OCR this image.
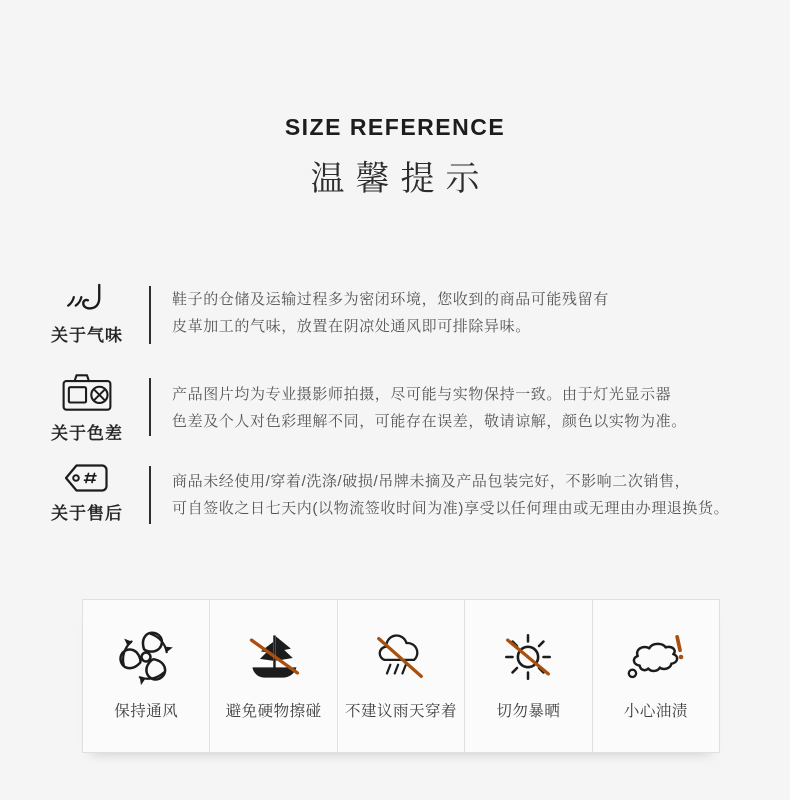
SIZE REFERENCE
温馨提示
关于气味
鞋子的仓储及运输过程多为密闭环境，您收到的商品可能残留有
皮革加工的气味，放置在阴凉处通风即可排除异味。
关于色差
产品图片均为专业摄影师拍摄，尽可能与实物保持一致。由于灯光显示器
色差及个人对色彩理解不同，可能存在误差，敬请谅解，颜色以实物为准。
关于售后
商品未经使用/穿着/洗涤/破损/吊牌未摘及产品包装完好，不影响二次销售，
可自签收之日七天内(以物流签收时间为准)享受以任何理由或无理由办理退换货。
保持通风	避免硬物擦碰 不建议雨天穿着	切勿暴晒	小心油渍
